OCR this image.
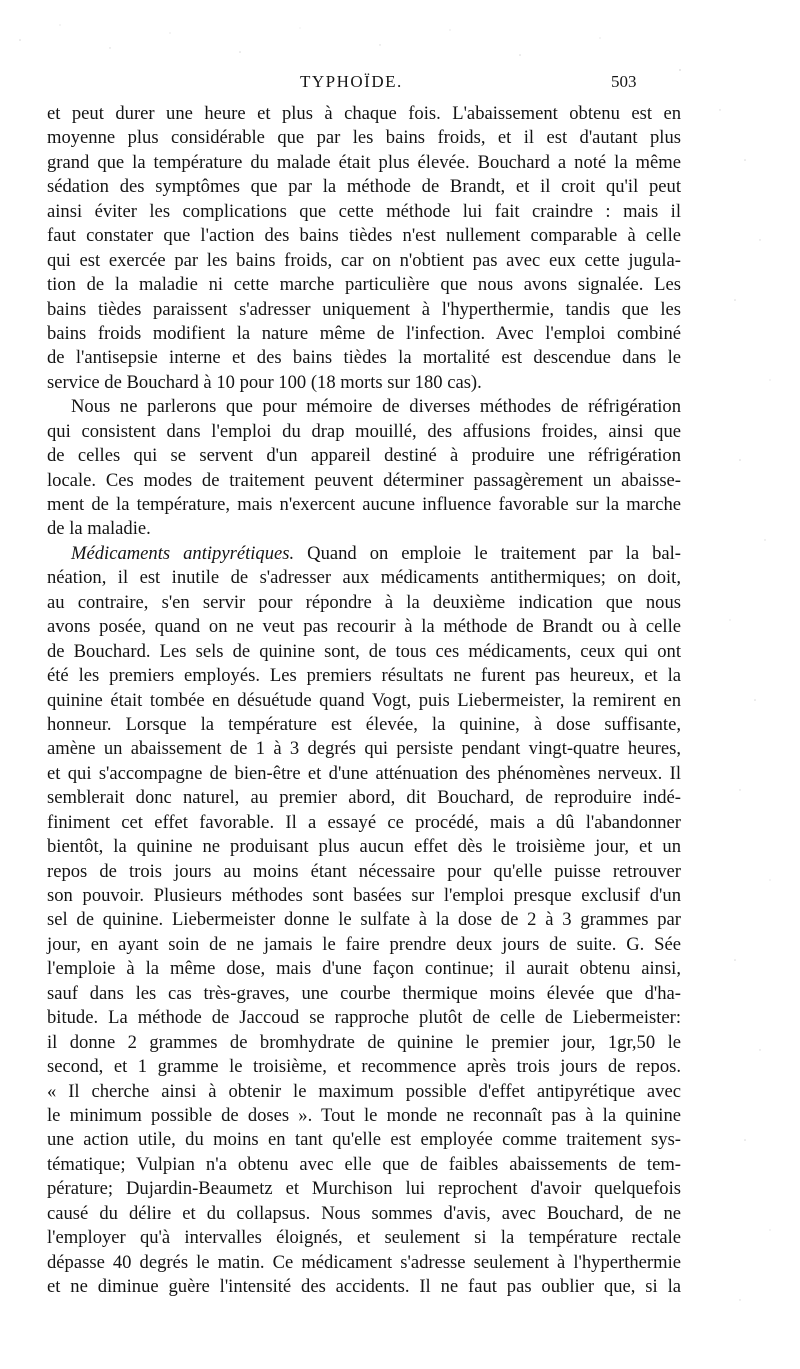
TYPHOÏDE.	503
et peut durer une heure et plus à chaque fois. L'abaissement obtenu est en
moyenne plus considérable que par les bains froids, et il est d'autant plus
grand que la température du malade était plus élevée. Bouchard a noté la même
sédation des symptômes que par la méthode de Brandt, et il croit qu'il peut
ainsi éviter les complications que cette méthode lui fait craindre : mais il
faut constater que l'action des bains tièdes n'est nullement comparable à celle
qui est exercée par les bains froids, car on n'obtient pas avec eux cette jugula-
tion de la maladie ni cette marche particulière que nous avons signalée. Les
bains tièdes paraissent s'adresser uniquement à l'hyperthermie, tandis que les
bains froids modifient la nature même de l'infection. Avec l'emploi combiné
de l'antisepsie interne et des bains tièdes la mortalité est descendue dans le
service de Bouchard à 10 pour 100 (18 morts sur 180 cas).
Nous ne parlerons que pour mémoire de diverses méthodes de réfrigération
qui consistent dans l'emploi du drap mouillé, des affusions froides, ainsi que
de celles qui se servent d'un appareil destiné à produire une réfrigération
locale. Ces modes de traitement peuvent déterminer passagèrement un abaisse-
ment de la température, mais n'exercent aucune influence favorable sur la marche
de la maladie.
Médicaments antipyrétiques. Quand on emploie le traitement par la bal-
néation, il est inutile de s'adresser aux médicaments antithermiques; on doit,
au contraire, s'en servir pour répondre à la deuxième indication que nous
avons posée, quand on ne veut pas recourir à la méthode de Brandt ou à celle
de Bouchard. Les sels de quinine sont, de tous ces médicaments, ceux qui ont
été les premiers employés. Les premiers résultats ne furent pas heureux, et la
quinine était tombée en désuétude quand Vogt, puis Liebermeister, la remirent en
honneur. Lorsque la température est élevée, la quinine, à dose suffisante,
amène un abaissement de 1 à 3 degrés qui persiste pendant vingt-quatre heures,
et qui s'accompagne de bien-être et d'une atténuation des phénomènes nerveux. Il
semblerait donc naturel, au premier abord, dit Bouchard, de reproduire indé-
finiment cet effet favorable. Il a essayé ce procédé, mais a dû l'abandonner
bientôt, la quinine ne produisant plus aucun effet dès le troisième jour, et un
repos de trois jours au moins étant nécessaire pour qu'elle puisse retrouver
son pouvoir. Plusieurs méthodes sont basées sur l'emploi presque exclusif d'un
sel de quinine. Liebermeister donne le sulfate à la dose de 2 à 3 grammes par
jour, en ayant soin de ne jamais le faire prendre deux jours de suite. G. Sée
l'emploie à la même dose, mais d'une façon continue; il aurait obtenu ainsi,
sauf dans les cas très-graves, une courbe thermique moins élevée que d'ha-
bitude. La méthode de Jaccoud se rapproche plutôt de celle de Liebermeister:
il donne 2 grammes de bromhydrate de quinine le premier jour, 1gr,50 le
second, et 1 gramme le troisième, et recommence après trois jours de repos.
« Il cherche ainsi à obtenir le maximum possible d'effet antipyrétique avec
le minimum possible de doses ». Tout le monde ne reconnaît pas à la quinine
une action utile, du moins en tant qu'elle est employée comme traitement sys-
tématique; Vulpian n'a obtenu avec elle que de faibles abaissements de tem-
pérature; Dujardin-Beaumetz et Murchison lui reprochent d'avoir quelquefois
causé du délire et du collapsus. Nous sommes d'avis, avec Bouchard, de ne
l'employer qu'à intervalles éloignés, et seulement si la température rectale
dépasse 40 degrés le matin. Ce médicament s'adresse seulement à l'hyperthermie
et ne diminue guère l'intensité des accidents. Il ne faut pas oublier que, si la
